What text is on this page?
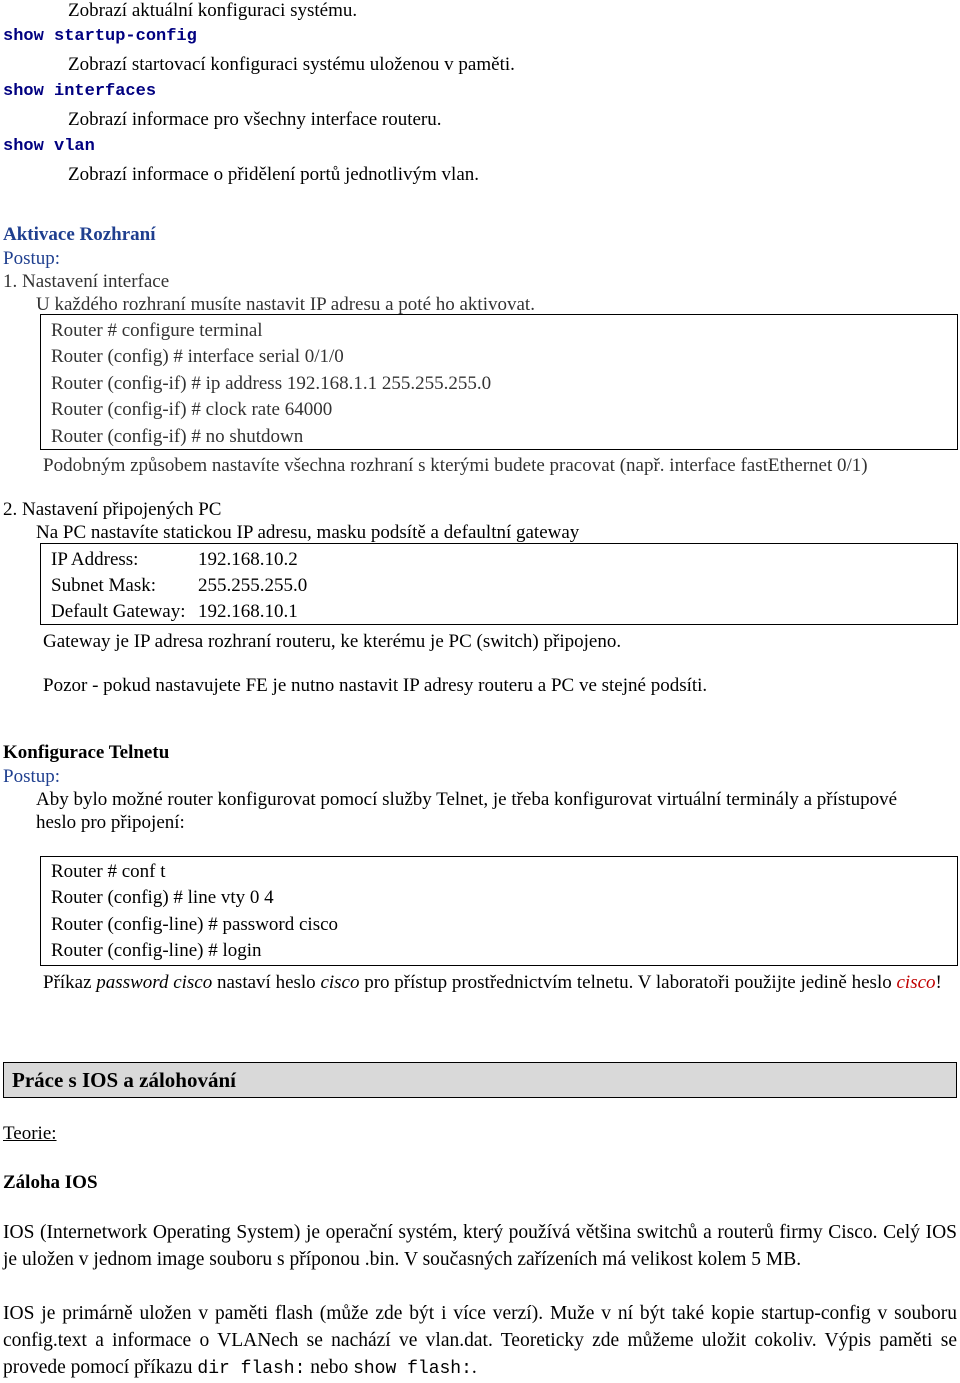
Zobrazí aktuální konfiguraci systému.
show startup-config
Zobrazí startovací konfiguraci systému uloženou v paměti.
show interfaces
Zobrazí informace pro všechny interface routeru.
show vlan
Zobrazí informace o přidělení portů jednotlivým vlan.
Aktivace Rozhraní
Postup:
1. Nastavení interface
U každého rozhraní musíte nastavit IP adresu a poté ho aktivovat.
Router # configure terminal
Router (config) # interface serial 0/1/0
Router (config-if) # ip address 192.168.1.1 255.255.255.0
Router (config-if) # clock rate 64000
Router (config-if) # no shutdown
Podobným způsobem nastavíte všechna rozhraní s kterými budete pracovat (např. interface fastEthernet 0/1)
2. Nastavení připojených PC
Na PC nastavíte statickou IP adresu, masku podsítě a defaultní gateway
IP Address:	192.168.10.2
Subnet Mask: 255.255.255.0
Default Gateway: 192.168.10.1
Gateway je IP adresa rozhraní routeru, ke kterému je PC (switch) připojeno.
Pozor - pokud nastavujete FE je nutno nastavit IP adresy routeru a PC ve stejné podsíti.
Konfigurace Telnetu
Postup:
Aby bylo možné router konfigurovat pomocí služby Telnet, je třeba konfigurovat virtuální terminály a přístupové
heslo pro připojení:
Router # conf t
Router (config) # line vty 0 4
Router (config-line) # password cisco
Router (config-line) # login
Příkaz password cisco nastaví heslo cisco pro přístup prostřednictvím telnetu. V laboratoři použijte jedině heslo cisco!
Práce s IOS a zálohování
Teorie:
Záloha IOS
IOS (Internetwork Operating System) je operační systém, který používá většina switchů a routerů firmy Cisco. Celý IOS je uložen v jednom image souboru s příponou .bin. V současných zařízeních má velikost kolem 5 MB.
IOS je primárně uložen v paměti flash (může zde být i více verzí). Muže v ní být také kopie startup-config v souboru config.text a informace o VLANech se nachází ve vlan.dat. Teoreticky zde můžeme uložit cokoliv. Výpis paměti se provede pomocí příkazu dir flash: nebo show flash:.
